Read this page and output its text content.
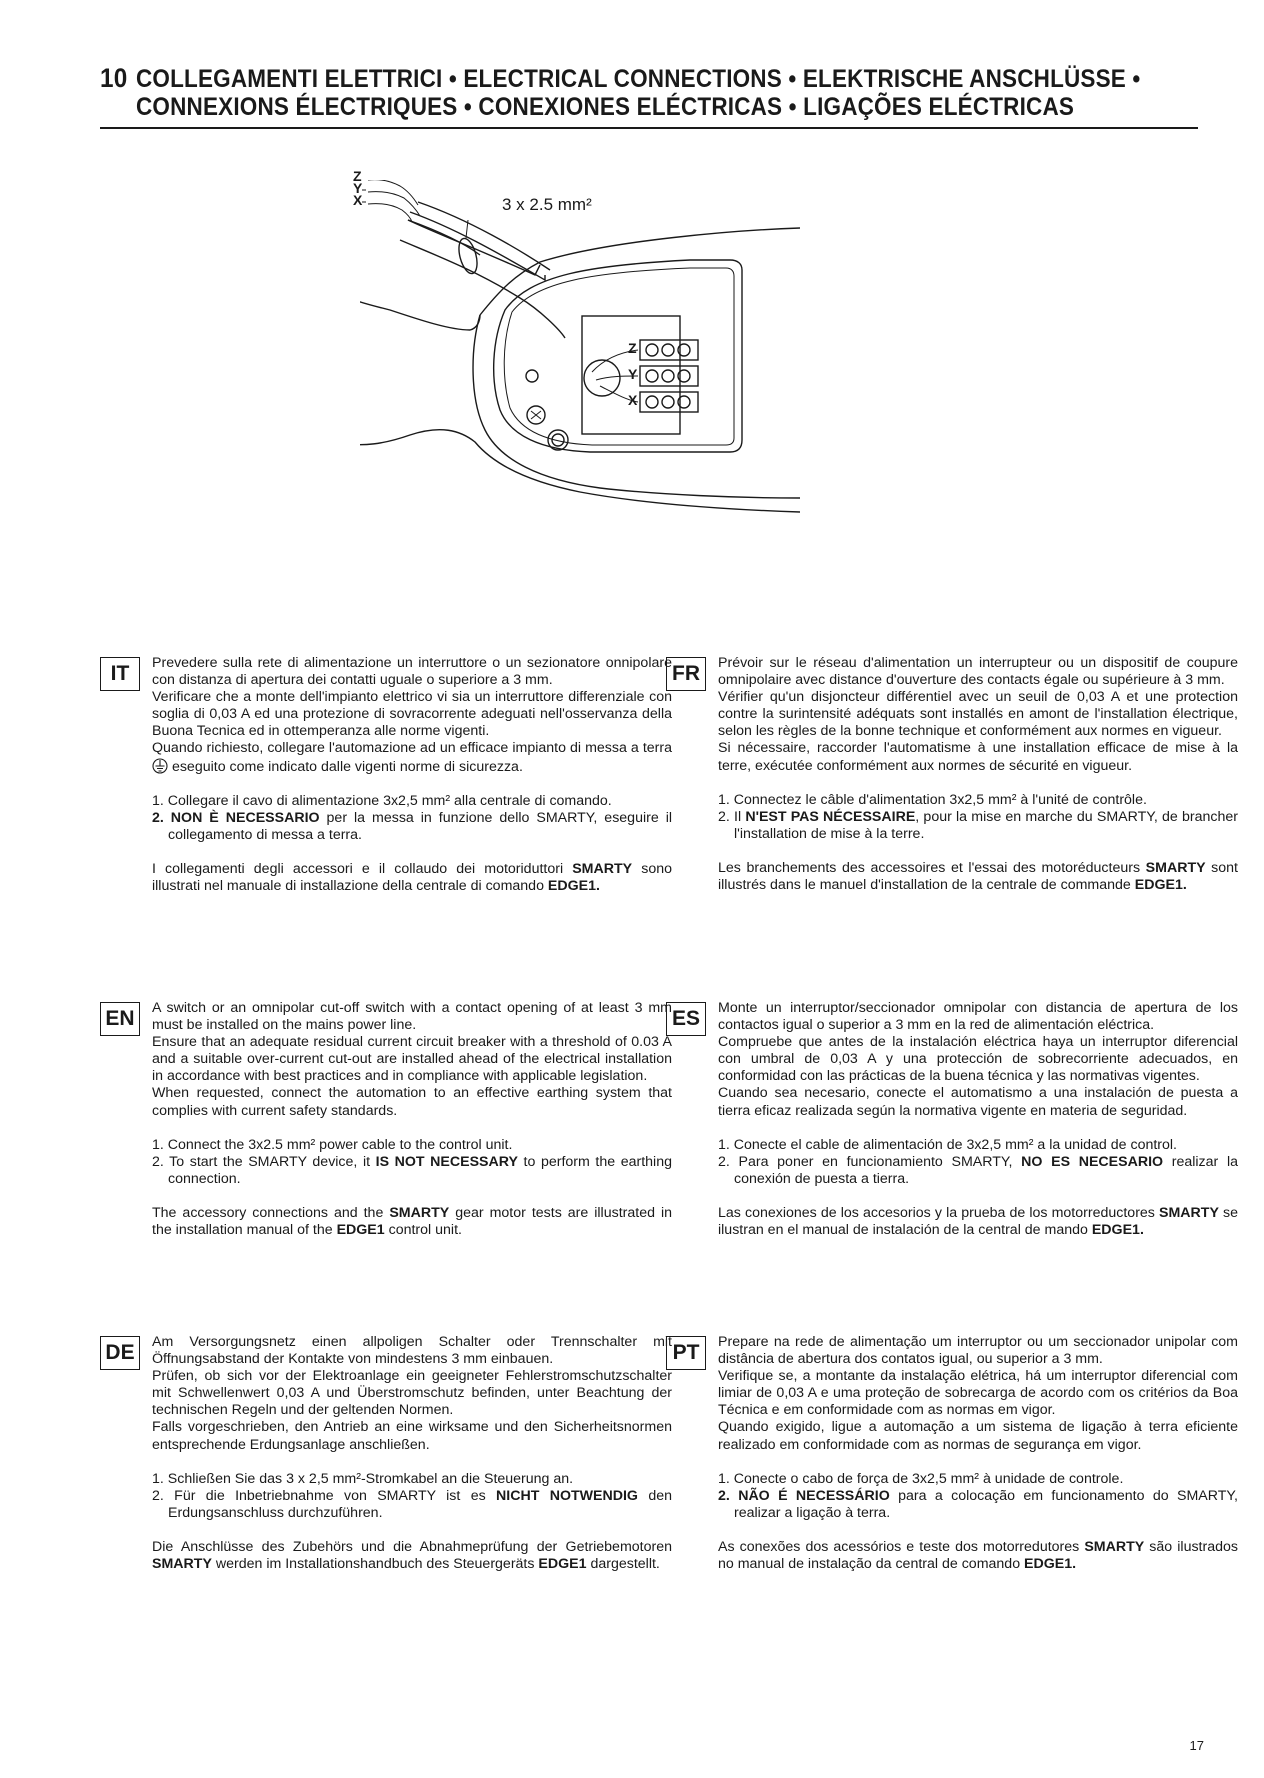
10 COLLEGAMENTI ELETTRICI • ELECTRICAL CONNECTIONS • ELEKTRISCHE ANSCHLÜSSE •
CONNEXIONS ÉLECTRIQUES • CONEXIONES ELÉCTRICAS • LIGAÇÕES ELÉCTRICAS
3 x 2.5 mm²
Z
Y
X
Z
Y
X
IT	Prevedere sulla rete di alimentazione un interruttore o un sezionatore onnipolare con distanza di apertura dei contatti uguale o superiore a 3 mm.

Verificare che a monte dell'impianto elettrico vi sia un interruttore differenziale con soglia di 0,03 A ed una protezione di sovracorrente adeguati nell'osservanza della Buona Tecnica ed in ottemperanza alle norme vigenti.

Quando richiesto, collegare l'automazione ad un efficace impianto di messa a terra  eseguito come indicato dalle vigenti norme di sicurezza.

1. Collegare il cavo di alimentazione 3x2,5 mm² alla centrale di comando.

2. NON È NECESSARIO per la messa in funzione dello SMARTY, eseguire il collegamento di messa a terra.

I collegamenti degli accessori e il collaudo dei motoriduttori SMARTY sono illustrati nel manuale di installazione della centrale di comando EDGE1.

EN	A switch or an omnipolar cut-off switch with a contact opening of at least 3 mm must be installed on the mains power line.

Ensure that an adequate residual current circuit breaker with a threshold of 0.03 A and a suitable over-current cut-out are installed ahead of the electrical installation in accordance with best practices and in compliance with applicable legislation.

When requested, connect the automation to an effective earthing system that complies with current safety standards.

1. Connect the 3x2.5 mm² power cable to the control unit.

2. To start the SMARTY device, it IS NOT NECESSARY to perform the earthing connection.

The accessory connections and the SMARTY gear motor tests are illustrated in the installation manual of the EDGE1 control unit.

DE	Am Versorgungsnetz einen allpoligen Schalter oder Trennschalter mit Öffnungsabstand der Kontakte von mindestens 3 mm einbauen.

Prüfen, ob sich vor der Elektroanlage ein geeigneter Fehlerstromschutzschalter mit Schwellenwert 0,03 A und Überstromschutz befinden, unter Beachtung der technischen Regeln und der geltenden Normen.

Falls vorgeschrieben, den Antrieb an eine wirksame und den Sicherheitsnormen entsprechende Erdungsanlage anschließen.

1. Schließen Sie das 3 x 2,5 mm²-Stromkabel an die Steuerung an.

2. Für die Inbetriebnahme von SMARTY ist es NICHT NOTWENDIG den Erdungsanschluss durchzuführen.

Die Anschlüsse des Zubehörs und die Abnahmeprüfung der Getriebemotoren SMARTY werden im Installationshandbuch des Steuergeräts EDGE1 dargestellt.

FR	Prévoir sur le réseau d'alimentation un interrupteur ou un dispositif de coupure omnipolaire avec distance d'ouverture des contacts égale ou supérieure à 3 mm.

Vérifier qu'un disjoncteur différentiel avec un seuil de 0,03 A et une protection contre la surintensité adéquats sont installés en amont de l'installation électrique, selon les règles de la bonne technique et conformément aux normes en vigueur.

Si nécessaire, raccorder l'automatisme à une installation efficace de mise à la terre, exécutée conformément aux normes de sécurité en vigueur.

1. Connectez le câble d'alimentation 3x2,5 mm² à l'unité de contrôle.

2. Il N'EST PAS NÉCESSAIRE, pour la mise en marche du SMARTY, de brancher l'installation de mise à la terre.

Les branchements des accessoires et l'essai des motoréducteurs SMARTY sont illustrés dans le manuel d'installation de la centrale de commande EDGE1.

ES	Monte un interruptor/seccionador omnipolar con distancia de apertura de los contactos igual o superior a 3 mm en la red de alimentación eléctrica.

Compruebe que antes de la instalación eléctrica haya un interruptor diferencial con umbral de 0,03 A y una protección de sobrecorriente adecuados, en conformidad con las prácticas de la buena técnica y las normativas vigentes.

Cuando sea necesario, conecte el automatismo a una instalación de puesta a tierra eficaz realizada según la normativa vigente en materia de seguridad.

1. Conecte el cable de alimentación de 3x2,5 mm² a la unidad de control.

2. Para poner en funcionamiento SMARTY, NO ES NECESARIO realizar la conexión de puesta a tierra.

Las conexiones de los accesorios y la prueba de los motorreductores SMARTY se ilustran en el manual de instalación de la central de mando EDGE1.

PT	Prepare na rede de alimentação um interruptor ou um seccionador unipolar com distância de abertura dos contatos igual, ou superior a 3 mm.

Verifique se, a montante da instalação elétrica, há um interruptor diferencial com limiar de 0,03 A e uma proteção de sobrecarga de acordo com os critérios da Boa Técnica e em conformidade com as normas em vigor.

Quando exigido, ligue a automação a um sistema de ligação à terra eficiente realizado em conformidade com as normas de segurança em vigor.

1. Conecte o cabo de força de 3x2,5 mm² à unidade de controle.

2. NÃO É NECESSÁRIO para a colocação em funcionamento do SMARTY, realizar a ligação à terra.

As conexões dos acessórios e teste dos motorredutores SMARTY são ilustrados no manual de instalação da central de comando EDGE1.

17
